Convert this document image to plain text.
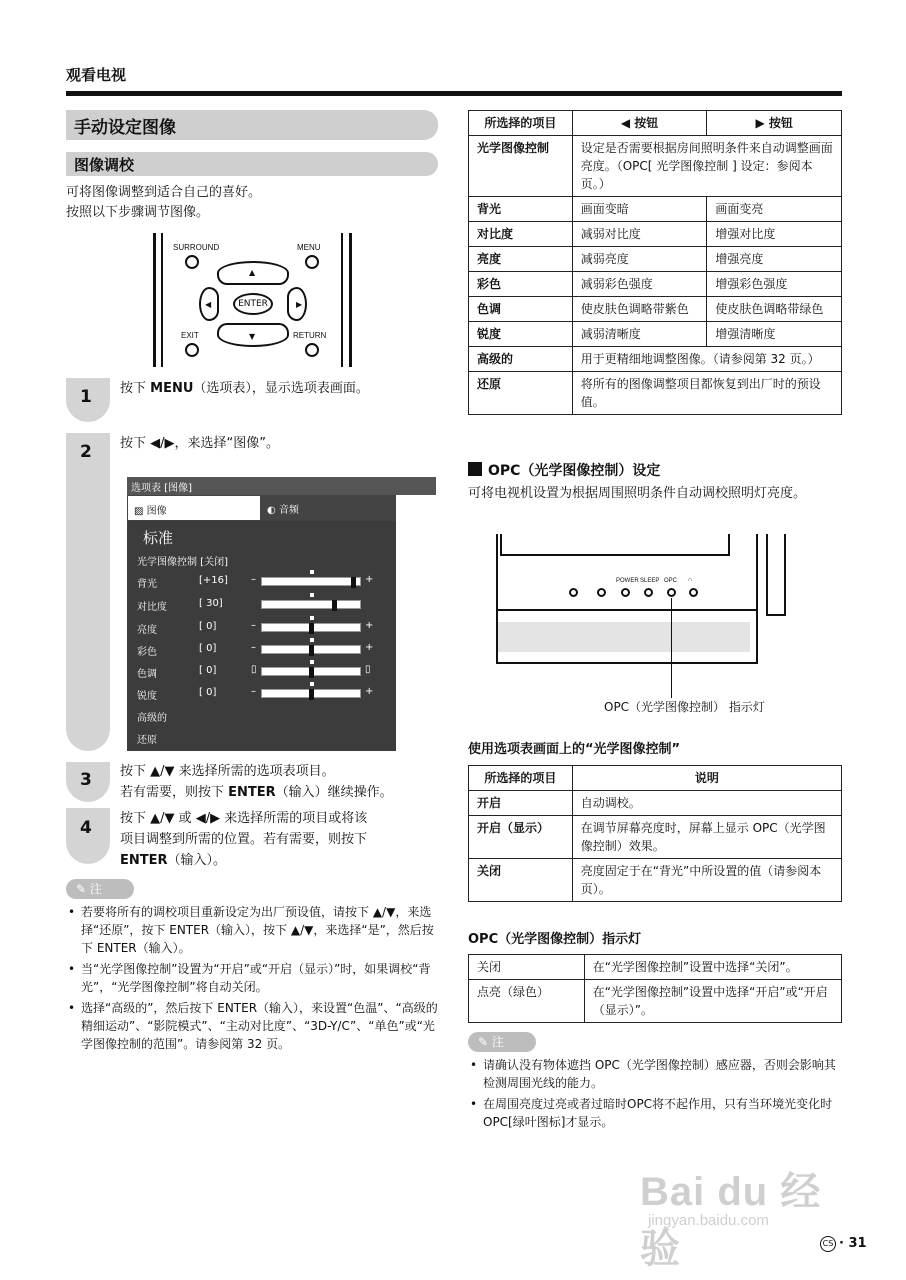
观看电视
手动设定图像
图像调校
可将图像调整到适合自己的喜好。
按照以下步骤调节图像。
SURROUND	MENU
▲
▼
◀	▶
ENTER
EXIT	RETURN
1 按下 MENU（选项表），显示选项表画面。
2 按下 ◀/▶，来选择“图像”。
选项表 [图像]
▨ 图像	◐ 音频
标准
光学图像控制 [关闭]
背光	[+16] –	+
对比度	[ 30]
亮度	[ 0]	–	+
彩色	[ 0]	–	+
色调	[ 0]	▯	▯
锐度	[ 0]	–	+
高级的
还原
3 按下 ▲/▼ 来选择所需的选项表项目。
若有需要，则按下 ENTER（输入）继续操作。
4 按下 ▲/▼ 或 ◀/▶ 来选择所需的项目或将该
项目调整到所需的位置。若有需要，则按下
ENTER（输入）。
✎ 注
• 若要将所有的调校项目重新设定为出厂预设值，请按下 ▲/▼，来选择“还原”，按下 ENTER（输入），按下 ▲/▼，来选择“是”，然后按下 ENTER（输入）。
• 当“光学图像控制”设置为“开启”或“开启（显示）”时，如果调校“背光”，“光学图像控制”将自动关闭。
• 选择“高级的”，然后按下 ENTER（输入），来设置“色温”、“高级的精细运动”、“影院模式”、“主动对比度”、“3D-Y/C”、“单色”或“光学图像控制的范围”。请参阅第 32 页。
所选择的项目	◀ 按钮	▶ 按钮
光学图像控制	设定是否需要根据房间照明条件来自动调整画面亮度。（OPC[ 光学图像控制 ] 设定：参阅本页。）	
背光	画面变暗	画面变亮
对比度	减弱对比度	增强对比度
亮度	减弱亮度	增强亮度
彩色	减弱彩色强度	增强彩色强度
色调	使皮肤色调略带紫色	使皮肤色调略带绿色
锐度	减弱清晰度	增强清晰度
高级的	用于更精细地调整图像。（请参阅第 32 页。）	
还原	将所有的图像调整项目都恢复到出厂时的预设值。	
OPC（光学图像控制）设定
可将电视机设置为根据周围照明条件自动调校照明灯亮度。
POWER SLEEP OPC ∩
OPC（光学图像控制） 指示灯
使用选项表画面上的“光学图像控制”
所选择的项目	说明
开启	自动调校。
开启（显示）	在调节屏幕亮度时，屏幕上显示 OPC（光学图像控制）效果。
关闭	亮度固定于在“背光”中所设置的值（请参阅本页）。
OPC（光学图像控制）指示灯
关闭	在“光学图像控制”设置中选择“关闭”。
点亮（绿色）	在“光学图像控制”设置中选择“开启”或“开启（显示）”。
✎ 注
• 请确认没有物体遮挡 OPC（光学图像控制）感应器，否则会影响其检测周围光线的能力。
• 在周围亮度过亮或者过暗时OPC将不起作用，只有当环境光变化时OPC[绿叶图标]才显示。
Bai du 经验
jingyan.baidu.com
CS · 31
